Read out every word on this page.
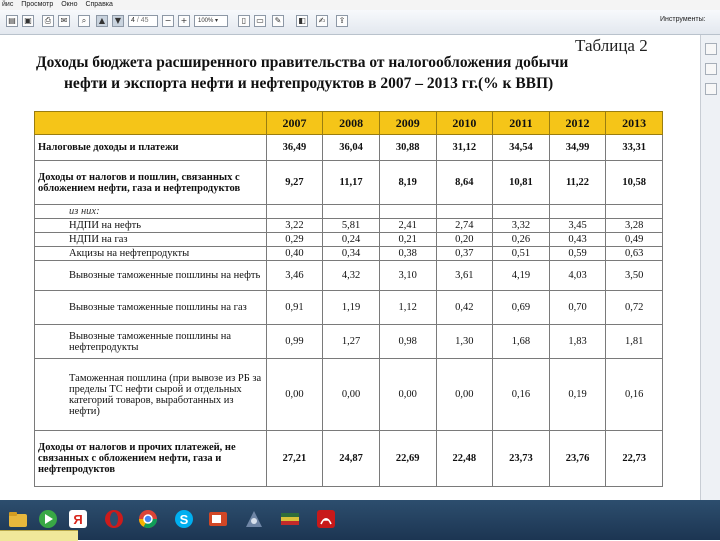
йис Просмотр Окно Справка
▤ ▣	⎙	✉	⌕	▲	▼	4 / 45	−	+	100% ▾	▯	▭	✎	◧	✍	⇪	Инструменты:
Таблица 2
Доходы бюджета расширенного правительства от налогообложения добычи
нефти и экспорта нефти и нефтепродуктов в 2007 – 2013 гг.(% к ВВП)
	2007	2008	2009	2010	2011	2012	2013
Налоговые доходы и платежи	36,49	36,04	30,88	31,12	34,54	34,99	33,31
Доходы от налогов и пошлин, связанных с обложением нефти, газа и нефтепродуктов	9,27	11,17	8,19	8,64	10,81	11,22	10,58
из них:							
НДПИ на нефть	3,22	5,81	2,41	2,74	3,32	3,45	3,28
НДПИ на газ	0,29	0,24	0,21	0,20	0,26	0,43	0,49
Акцизы на нефтепродукты	0,40	0,34	0,38	0,37	0,51	0,59	0,63
Вывозные таможенные пошлины на нефть	3,46	4,32	3,10	3,61	4,19	4,03	3,50
Вывозные таможенные пошлины на газ	0,91	1,19	1,12	0,42	0,69	0,70	0,72
Вывозные таможенные пошлины на нефтепродукты	0,99	1,27	0,98	1,30	1,68	1,83	1,81
Таможенная пошлина (при вывозе из РБ за пределы ТС нефти сырой и отдельных категорий товаров, выработанных из нефти)	0,00	0,00	0,00	0,00	0,16	0,19	0,16
Доходы от налогов и прочих платежей, не связанных с обложением нефти, газа и нефтепродуктов	27,21	24,87	22,69	22,48	23,73	23,76	22,73
Я	S
